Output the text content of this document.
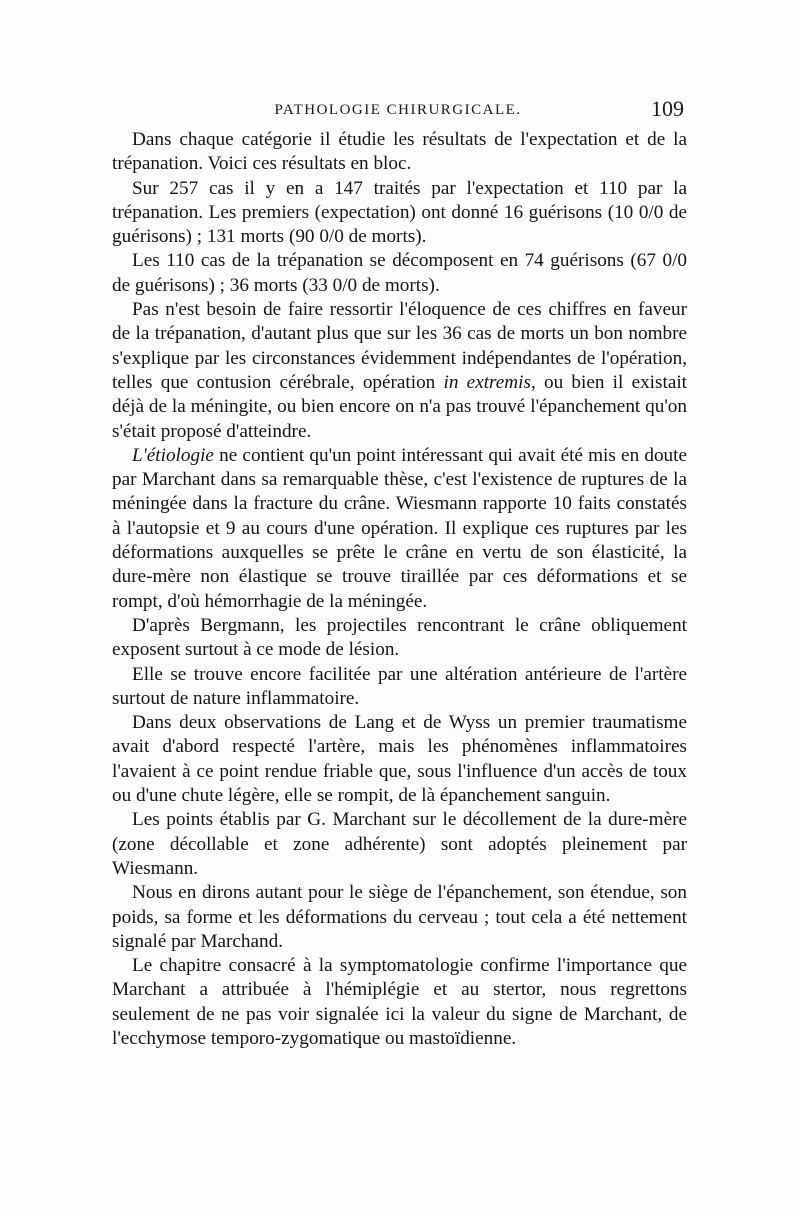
PATHOLOGIE CHIRURGICALE.	109

Dans chaque catégorie il étudie les résultats de l'expectation et de la trépanation. Voici ces résultats en bloc.

Sur 257 cas il y en a 147 traités par l'expectation et 110 par la trépanation. Les premiers (expectation) ont donné 16 guérisons (10 0/0 de guérisons) ; 131 morts (90 0/0 de morts).

Les 110 cas de la trépanation se décomposent en 74 guérisons (67 0/0 de guérisons) ; 36 morts (33 0/0 de morts).

Pas n'est besoin de faire ressortir l'éloquence de ces chiffres en faveur de la trépanation, d'autant plus que sur les 36 cas de morts un bon nombre s'explique par les circonstances évidemment indépendantes de l'opération, telles que contusion cérébrale, opération in extremis, ou bien il existait déjà de la méningite, ou bien encore on n'a pas trouvé l'épanchement qu'on s'était proposé d'atteindre.

L'étiologie ne contient qu'un point intéressant qui avait été mis en doute par Marchant dans sa remarquable thèse, c'est l'existence de ruptures de la méningée dans la fracture du crâne. Wiesmann rapporte 10 faits constatés à l'autopsie et 9 au cours d'une opération. Il explique ces ruptures par les déformations auxquelles se prête le crâne en vertu de son élasticité, la dure-mère non élastique se trouve tiraillée par ces déformations et se rompt, d'où hémorrhagie de la méningée.

D'après Bergmann, les projectiles rencontrant le crâne obliquement exposent surtout à ce mode de lésion.

Elle se trouve encore facilitée par une altération antérieure de l'artère surtout de nature inflammatoire.

Dans deux observations de Lang et de Wyss un premier traumatisme avait d'abord respecté l'artère, mais les phénomènes inflammatoires l'avaient à ce point rendue friable que, sous l'influence d'un accès de toux ou d'une chute légère, elle se rompit, de là épanchement sanguin.

Les points établis par G. Marchant sur le décollement de la dure-mère (zone décollable et zone adhérente) sont adoptés pleinement par Wiesmann.

Nous en dirons autant pour le siège de l'épanchement, son étendue, son poids, sa forme et les déformations du cerveau ; tout cela a été nettement signalé par Marchand.

Le chapitre consacré à la symptomatologie confirme l'importance que Marchant a attribuée à l'hémiplégie et au stertor, nous regrettons seulement de ne pas voir signalée ici la valeur du signe de Marchant, de l'ecchymose temporo-zygomatique ou mastoïdienne.
